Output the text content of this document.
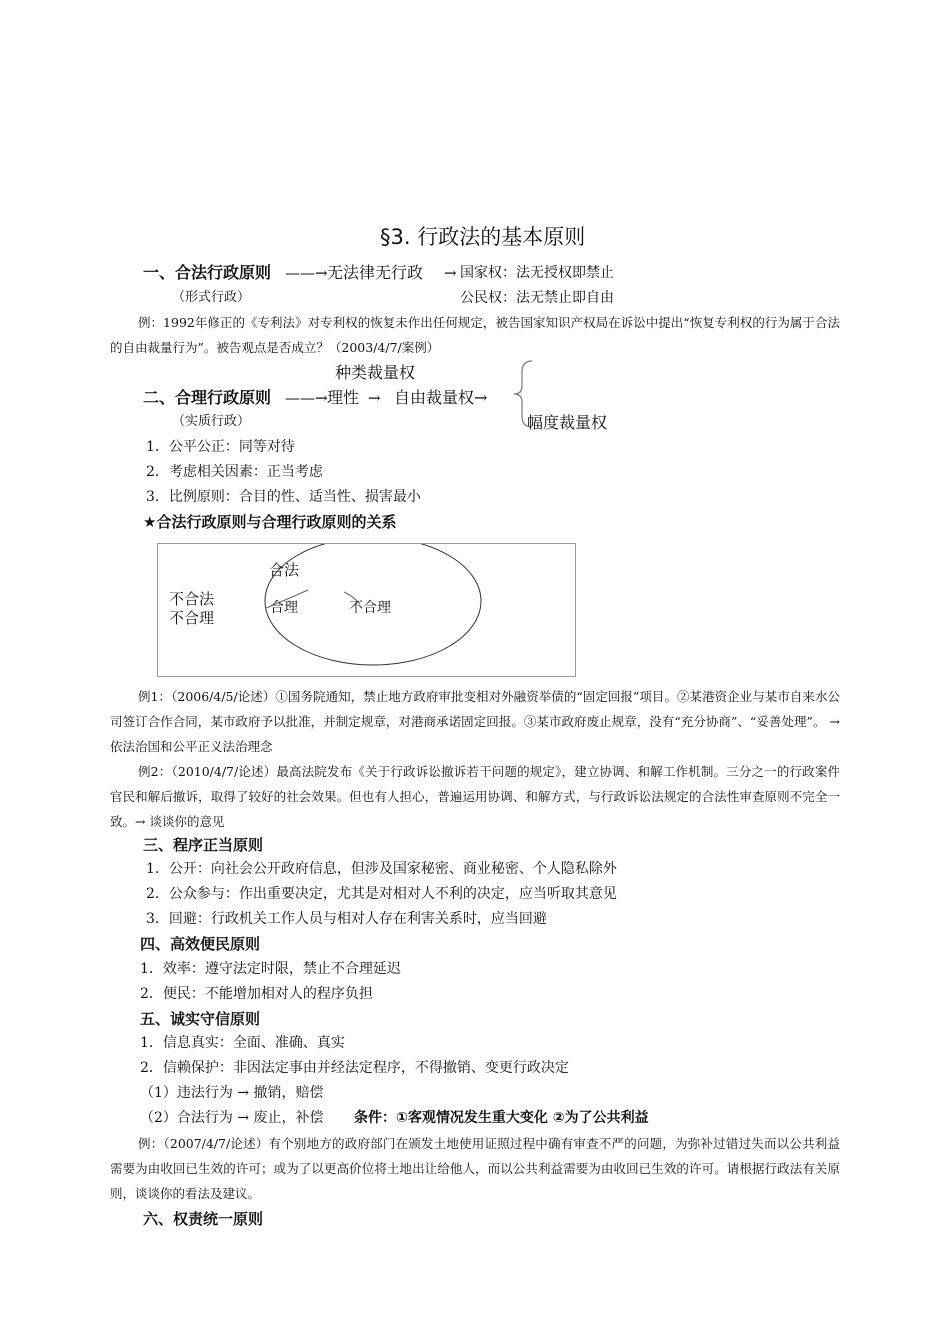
§3. 行政法的基本原则
一、合法行政原则 ——→ 无法律无行政 → 国家权：法无授权即禁止
（形式行政）	公民权：法无禁止即自由
例：1992年修正的《专利法》对专利权的恢复未作出任何规定，被告国家知识产权局在诉讼中提出“恢复专利权的行为属于合法的自由裁量行为”。被告观点是否成立？（2003/4/7/案例）
种类裁量权
二、合理行政原则 ——→ 理性 → 自由裁量权→
（实质行政）	幅度裁量权
1．公平公正：同等对待
2．考虑相关因素：正当考虑
3．比例原则：合目的性、适当性、损害最小
★合法行政原则与合理行政原则的关系
不合法
不合理
合法
合理	不合理
例1：（2006/4/5/论述）①国务院通知，禁止地方政府审批变相对外融资举债的“固定回报”项目。②某港资企业与某市自来水公司签订合作合同，某市政府予以批准，并制定规章，对港商承诺固定回报。③某市政府废止规章，没有“充分协商”、“妥善处理”。 → 依法治国和公平正义法治理念
例2：（2010/4/7/论述）最高法院发布《关于行政诉讼撤诉若干问题的规定》，建立协调、和解工作机制。三分之一的行政案件官民和解后撤诉，取得了较好的社会效果。但也有人担心，普遍运用协调、和解方式，与行政诉讼法规定的合法性审查原则不完全一致。→ 谈谈你的意见
三、程序正当原则
1．公开：向社会公开政府信息，但涉及国家秘密、商业秘密、个人隐私除外
2．公众参与：作出重要决定，尤其是对相对人不利的决定，应当听取其意见
3．回避：行政机关工作人员与相对人存在利害关系时，应当回避
四、高效便民原则
1．效率：遵守法定时限，禁止不合理延迟
2．便民：不能增加相对人的程序负担
五、诚实守信原则
1．信息真实：全面、准确、真实
2．信赖保护：非因法定事由并经法定程序，不得撤销、变更行政决定
（1）违法行为 → 撤销，赔偿
（2）合法行为 → 废止，补偿 条件：①客观情况发生重大变化 ②为了公共利益
例：（2007/4/7/论述）有个别地方的政府部门在颁发土地使用证照过程中确有审查不严的问题，为弥补过错过失而以公共利益需要为由收回已生效的许可；或为了以更高价位将土地出让给他人，而以公共利益需要为由收回已生效的许可。请根据行政法有关原则，谈谈你的看法及建议。
六、权责统一原则
